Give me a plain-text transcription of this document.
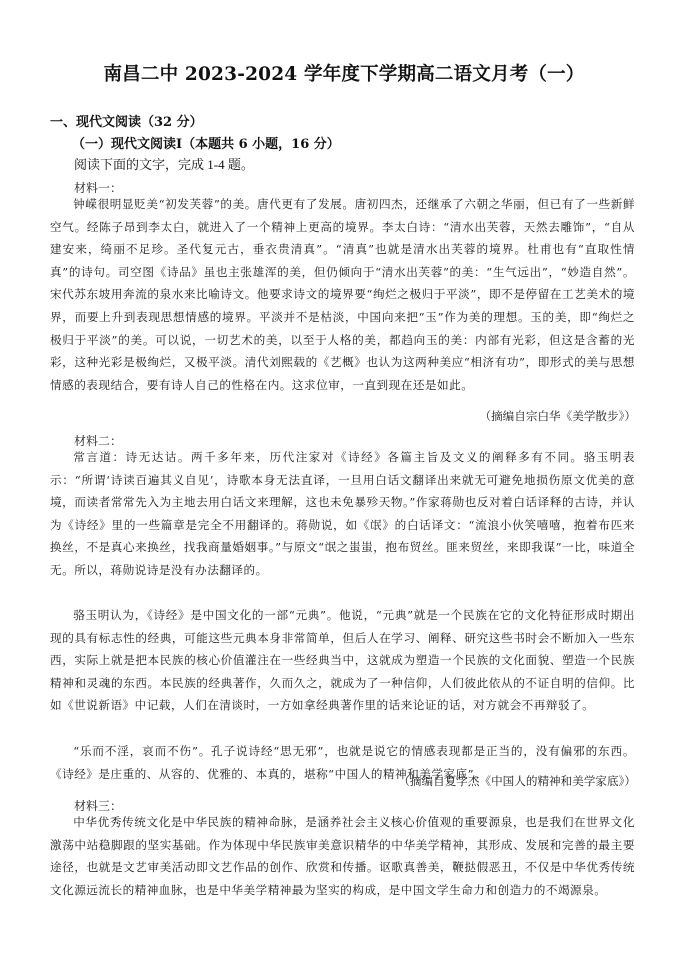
南昌二中 2023-2024 学年度下学期高二语文月考（一）
一、现代文阅读（32 分）
（一）现代文阅读Ⅰ（本题共 6 小题，16 分）
阅读下面的文字，完成 1-4 题。
材料一：

钟嵘很明显贬美“初发芙蓉”的美。唐代更有了发展。唐初四杰，还继承了六朝之华丽，但已有了一些新鲜空气。经陈子昂到李太白，就进入了一个精神上更高的境界。李太白诗：“清水出芙蓉，天然去雕饰”，“自从建安来，绮丽不足珍。圣代复元古，垂衣贵清真”。“清真”也就是清水出芙蓉的境界。杜甫也有“直取性情真”的诗句。司空图《诗品》虽也主张雄浑的美，但仍倾向于“清水出芙蓉”的美：“生气远出”，“妙造自然”。宋代苏东坡用奔流的泉水来比喻诗文。他要求诗文的境界要“绚烂之极归于平淡”，即不是停留在工艺美术的境界，而要上升到表现思想情感的境界。平淡并不是枯淡，中国向来把“玉”作为美的理想。玉的美，即“绚烂之极归于平淡”的美。可以说，一切艺术的美，以至于人格的美，都趋向玉的美：内部有光彩，但这是含蓄的光彩，这种光彩是极绚烂，又极平淡。清代刘熙载的《艺概》也认为这两种美应“相济有功”，即形式的美与思想情感的表现结合，要有诗人自己的性格在内。这求位审，一直到现在还是如此。

（摘编自宗白华《美学散步》）
材料二：

常言道：诗无达诂。两千多年来，历代注家对《诗经》各篇主旨及文义的阐释多有不同。骆玉明表示：“所谓‘诗读百遍其义自见’，诗歌本身无法直译，一旦用白话文翻译出来就无可避免地损伤原文优美的意境，而读者常常先入为主地去用白话文来理解，这也未免暴殄天物。”作家蒋勋也反对着白话译释的古诗，并认为《诗经》里的一些篇章是完全不用翻译的。蒋勋说，如《氓》的白话译文：“流浪小伙笑嘻嘻，抱着布匹来换丝，不是真心来换丝，找我商量婚姻事。”与原文“氓之蚩蚩，抱布贸丝。匪来贸丝，来即我谋”一比，味道全无。所以，蒋勋说诗是没有办法翻译的。

骆玉明认为，《诗经》是中国文化的一部“元典”。他说，“元典”就是一个民族在它的文化特征形成时期出现的具有标志性的经典，可能这些元典本身非常简单，但后人在学习、阐释、研究这些书时会不断加入一些东西，实际上就是把本民族的核心价值灌注在一些经典当中，这就成为塑造一个民族的文化面貌、塑造一个民族精神和灵魂的东西。本民族的经典著作，久而久之，就成为了一种信仰，人们彼此依从的不证自明的信仰。比如《世说新语》中记载，人们在清谈时，一方如拿经典著作里的话来论证的话，对方就会不再辩驳了。

“乐而不淫，哀而不伤”。孔子说诗经“思无邪”，也就是说它的情感表现都是正当的，没有偏邪的东西。《诗经》是庄重的、从容的、优雅的、本真的，堪称“中国人的精神和美学家底”。

（摘编自夏学杰《中国人的精神和美学家底》）
材料三：

中华优秀传统文化是中华民族的精神命脉，是涵养社会主义核心价值观的重要源泉，也是我们在世界文化激荡中站稳脚跟的坚实基础。作为体现中华民族审美意识精华的中华美学精神，其形成、发展和完善的最主要途径，也就是文艺审美活动即文艺作品的创作、欣赏和传播。讴歌真善美，鞭挞假恶丑，不仅是中华优秀传统文化源远流长的精神血脉，也是中华美学精神最为坚实的构成，是中国文学生命力和创造力的不竭源泉。
